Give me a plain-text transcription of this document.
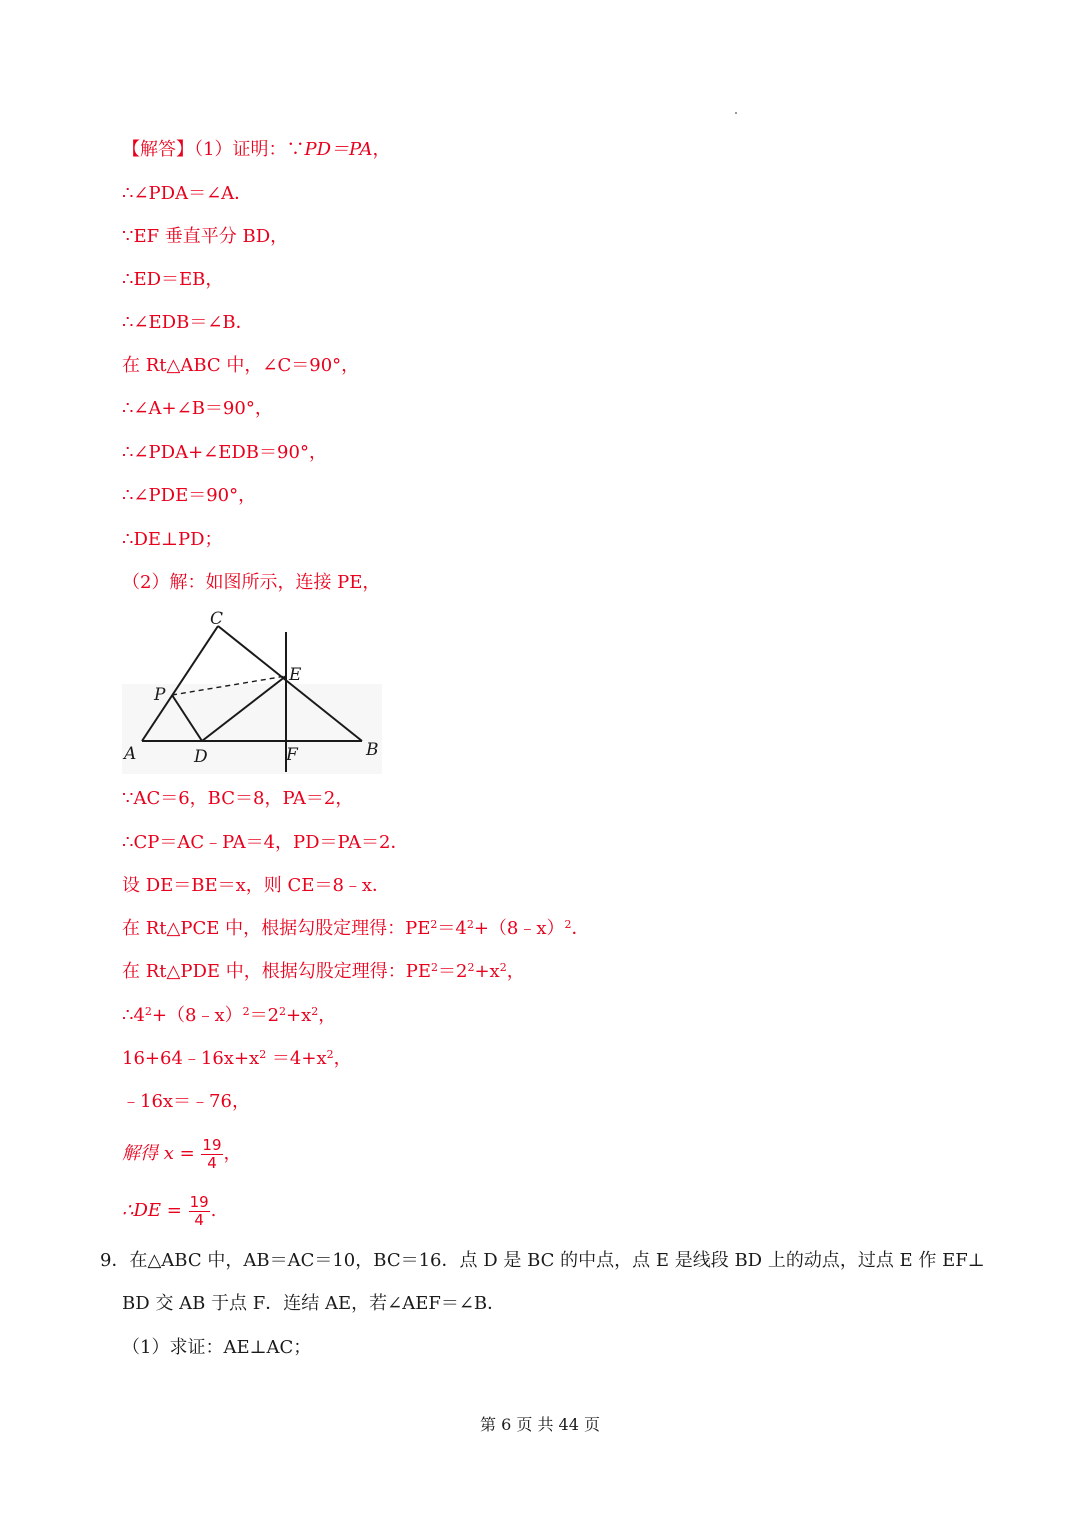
【解答】（1）证明：∵PD＝PA，
∴∠PDA＝∠A．
∵EF 垂直平分 BD，
∴ED＝EB，
∴∠EDB＝∠B．
在 Rt△ABC 中，∠C＝90°，
∴∠A+∠B＝90°，
∴∠PDA+∠EDB＝90°，
∴∠PDE＝90°，
∴DE⊥PD；
（2）解：如图所示，连接 PE，
C
P
E
A	D	F	B
∵AC＝6，BC＝8，PA＝2，
∴CP＝AC﹣PA＝4，PD＝PA＝2．
设 DE＝BE＝x，则 CE＝8﹣x．
在 Rt△PCE 中，根据勾股定理得：$PE^2=4^2+(8﹣x)^2$．
在 Rt△PDE 中，根据勾股定理得：$PE^2=2^2+x^2$，
$\therefore 4^2+(8﹣x)^2=2^2+x^2$，
$16+64﹣16x+x^2 =4+x^2$，
﹣16x＝﹣76，
解得 $x = \frac{19}{4}$ ，
∴DE = $\frac{19}{4}$ .
9．在△ABC 中，AB＝AC＝10，BC＝16．点 D 是 BC 的中点，点 E 是线段 BD 上的动点，过点 E 作 EF⊥
BD 交 AB 于点 F．连结 AE，若∠AEF＝∠B．
（1）求证：AE⊥AC；
第 6 页 共 44 页
